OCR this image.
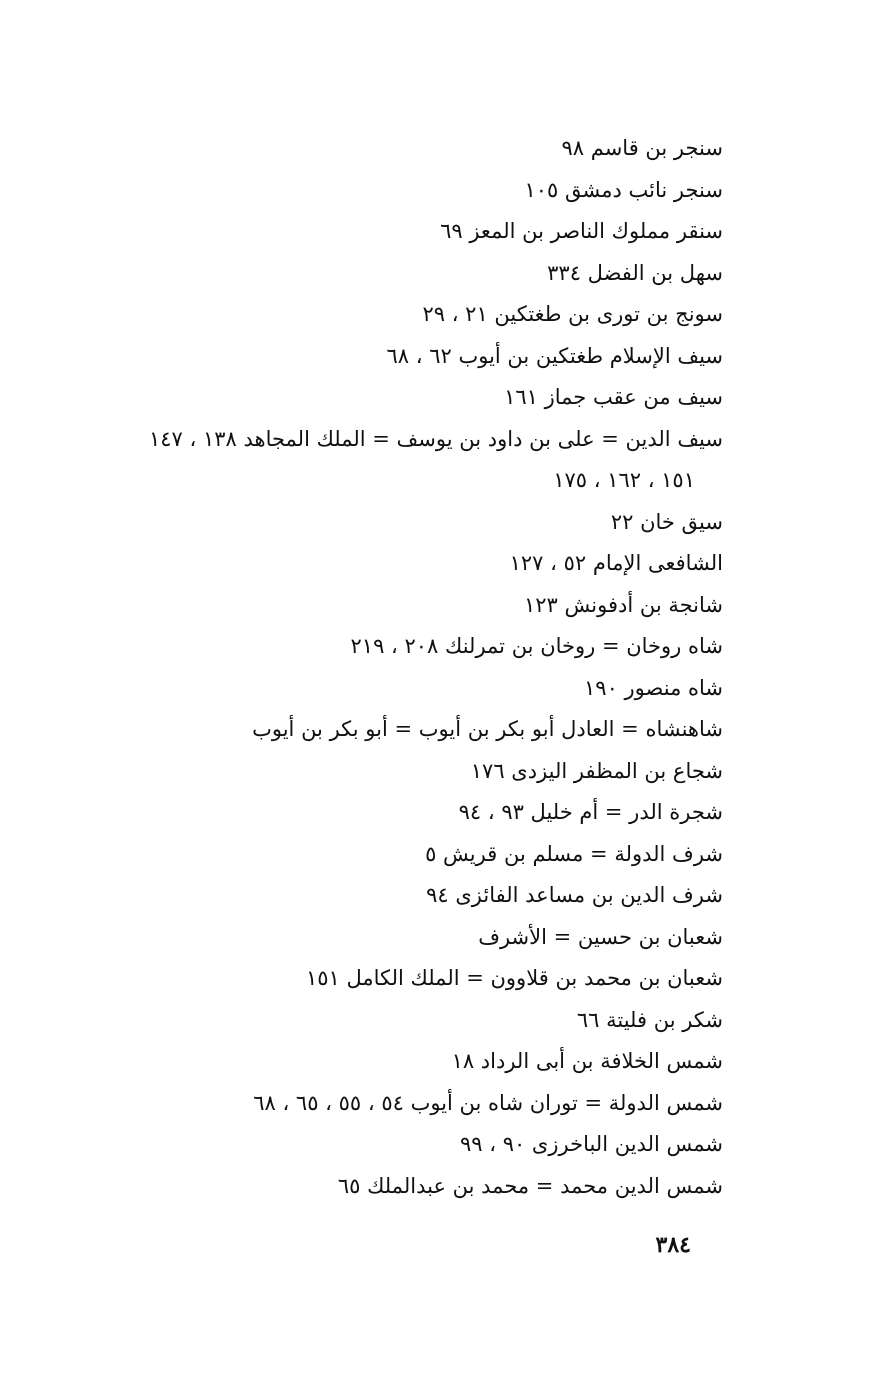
سنجر بن قاسم ٩٨
سنجر نائب دمشق ١٠٥
سنقر مملوك الناصر بن المعز ٦٩
سهل بن الفضل ٣٣٤
سونج بن تورى بن طغتكين ٢١ ، ٢٩
سيف الإسلام طغتكين بن أيوب ٦٢ ، ٦٨
سيف من عقب جماز ١٦١
سيف الدين = على بن داود بن يوسف = الملك المجاهد ١٣٨ ، ١٤٧
١٥١ ، ١٦٢ ، ١٧٥
سيق خان ٢٢
الشافعى الإمام ٥٢ ، ١٢٧
شانجة بن أدفونش ١٢٣
شاه روخان = روخان بن تمرلنك ٢٠٨ ، ٢١٩
شاه منصور ١٩٠
شاهنشاه = العادل أبو بكر بن أيوب = أبو بكر بن أيوب
شجاع بن المظفر اليزدى ١٧٦
شجرة الدر = أم خليل ٩٣ ، ٩٤
شرف الدولة = مسلم بن قريش ٥
شرف الدين بن مساعد الفائزى ٩٤
شعبان بن حسين = الأشرف
شعبان بن محمد بن قلاوون = الملك الكامل ١٥١
شكر بن فليتة ٦٦
شمس الخلافة بن أبى الرداد ١٨
شمس الدولة = توران شاه بن أيوب ٥٤ ، ٥٥ ، ٦٥ ، ٦٨
شمس الدين الباخرزى ٩٠ ، ٩٩
شمس الدين محمد = محمد بن عبدالملك ٦٥
٣٨٤
